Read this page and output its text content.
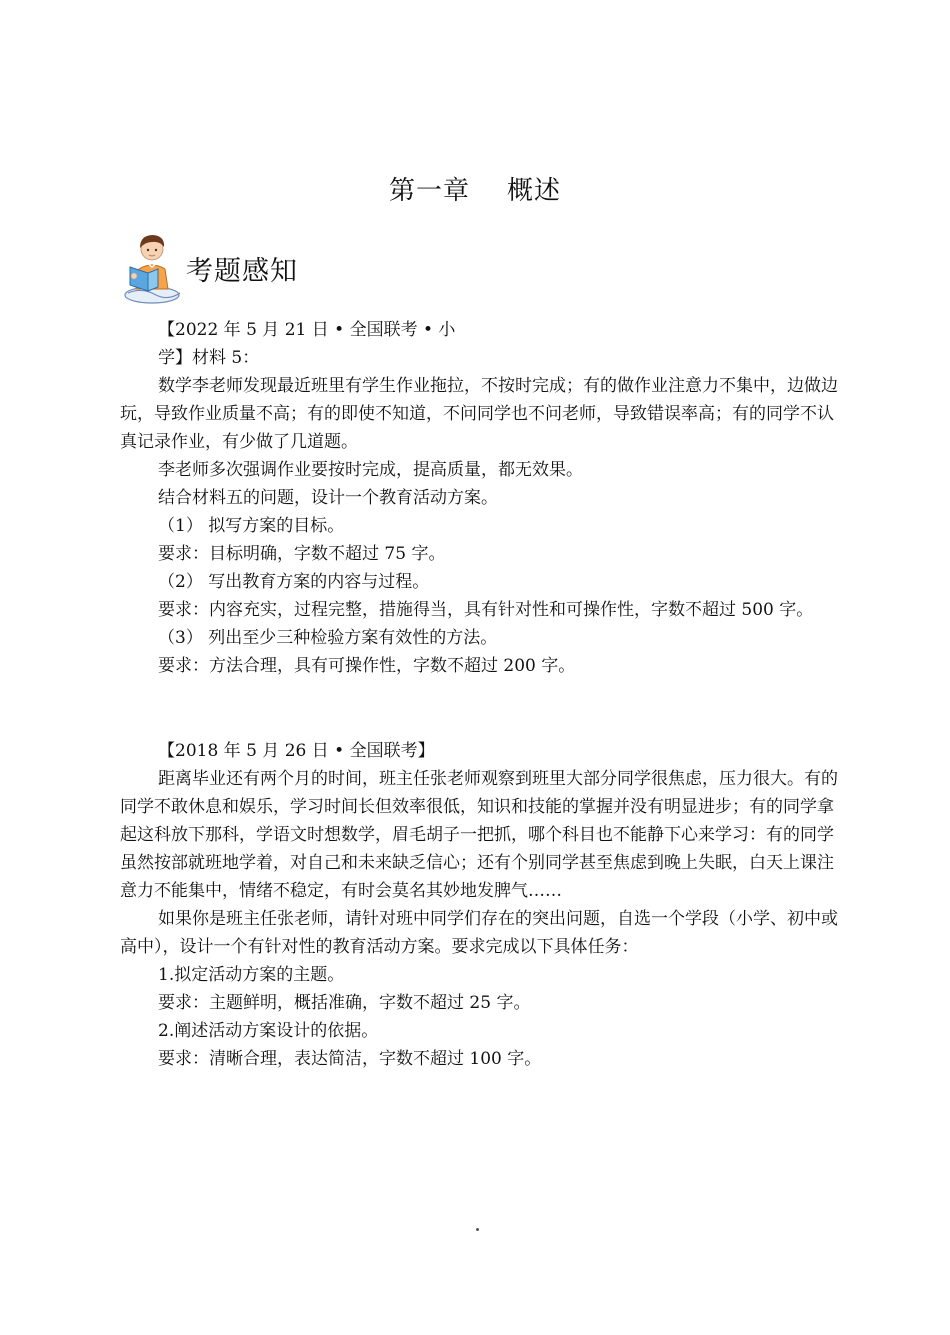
第一章    概述
考题感知

【2022 年 5 月 21 日 • 全国联考 • 小

学】材料 5：

数学李老师发现最近班里有学生作业拖拉，不按时完成；有的做作业注意力不集中，边做边玩，导致作业质量不高；有的即使不知道，不问同学也不问老师，导致错误率高；有的同学不认真记录作业，有少做了几道题。

李老师多次强调作业要按时完成，提高质量，都无效果。

结合材料五的问题，设计一个教育活动方案。

（1） 拟写方案的目标。

要求：目标明确，字数不超过 75 字。

（2） 写出教育方案的内容与过程。

要求：内容充实，过程完整，措施得当，具有针对性和可操作性，字数不超过 500 字。

（3） 列出至少三种检验方案有效性的方法。

要求：方法合理，具有可操作性，字数不超过 200 字。

【2018 年 5 月 26 日 • 全国联考】

距离毕业还有两个月的时间，班主任张老师观察到班里大部分同学很焦虑，压力很大。有的同学不敢休息和娱乐，学习时间长但效率很低，知识和技能的掌握并没有明显进步；有的同学拿起这科放下那科，学语文时想数学，眉毛胡子一把抓，哪个科目也不能静下心来学习：有的同学虽然按部就班地学着，对自己和未来缺乏信心；还有个别同学甚至焦虑到晚上失眠，白天上课注意力不能集中，情绪不稳定，有时会莫名其妙地发脾气……

如果你是班主任张老师，请针对班中同学们存在的突出问题，自选一个学段（小学、初中或高中），设计一个有针对性的教育活动方案。要求完成以下具体任务：

1.拟定活动方案的主题。

要求：主题鲜明，概括准确，字数不超过 25 字。

2.阐述活动方案设计的依据。

要求：清晰合理，表达简洁，字数不超过 100 字。
